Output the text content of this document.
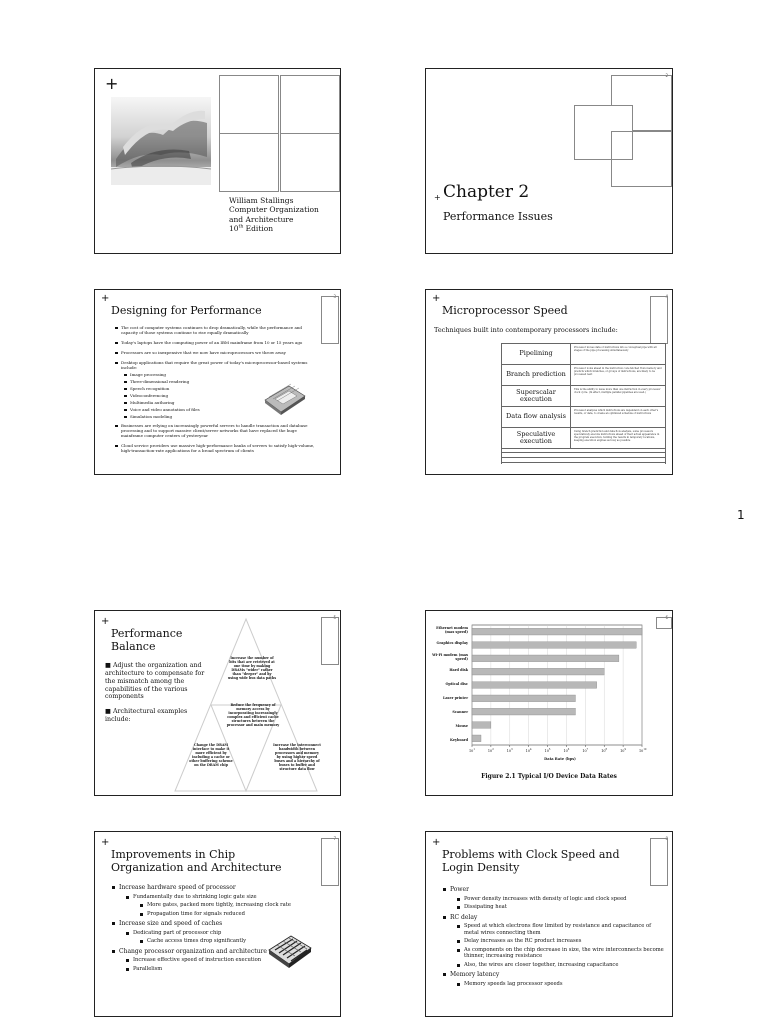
+
William Stallings
Computer Organization
and Architecture
10th Edition
2
+ Chapter 2
Performance Issues
3
+
Designing for Performance
The cost of computer systems continues to drop dramatically, while the performance and capacity of those systems continue to rise equally dramatically
Today's laptops have the computing power of an IBM mainframe from 10 or 15 years ago
Processors are so inexpensive that we now have microprocessors we throw away
Desktop applications that require the great power of today's microprocessor-based systems include:
Image processing
Three-dimensional rendering
Speech recognition
Videoconferencing
Multimedia authoring
Voice and video annotation of files
Simulation modeling
Businesses are relying on increasingly powerful servers to handle transaction and database processing and to support massive client/server networks that have replaced the huge mainframe computer centers of yesteryear
Cloud service providers use massive high-performance banks of servers to satisfy high-volume, high-transaction-rate applications for a broad spectrum of clients
4
+
Microprocessor Speed
Techniques built into contemporary processors include:
Pipelining
Processor moves data or instructions into a conceptual pipe with all stages of the pipe processing simultaneously
Branch prediction
Processor looks ahead in the instruction code fetched from memory and predicts which branches, or groups of instructions, are likely to be processed next
Superscalar execution
This is the ability to issue more than one instruction in every processor clock cycle. (In effect, multiple parallel pipelines are used.)
Data flow analysis
Processor analyzes which instructions are dependent on each other's results, or data, to create an optimized schedule of instructions
Speculative execution
Using branch prediction and data flow analysis, some processors speculatively execute instructions ahead of their actual appearance in the program execution, holding the results in temporary locations, keeping execution engines as busy as possible
1
5
+
Performance
Balance
■ Adjust the organization and architecture to compensate for the mismatch among the capabilities of the various components
■ Architectural examples include:
Increase the number of bits that are retrieved at one time by making DRAMs "wider" rather than "deeper" and by using wide bus data paths
Reduce the frequency of memory access by incorporating increasingly complex and efficient cache structures between the processor and main memory
Change the DRAM interface to make it more efficient by including a cache or other buffering scheme on the DRAM chip
Increase the interconnect bandwidth between processors and memory by using higher speed buses and a hierarchy of buses to buffer and structure data flow
6
Ethernet modem (max speed)
Graphics display
Wi-Fi modem (max speed)
Hard disk
Optical disc
Laser printer
Scanner
Mouse
Keyboard
$10^1$	$10^2$	$10^3$	$10^4$	$10^5$	$10^6$	$10^7$	$10^8$	$10^9$	$10^{10}$
Data Rate (bps)
Figure 2.1 Typical I/O Device Data Rates
7
+
Improvements in Chip
Organization and Architecture
Increase hardware speed of processor
Fundamentally due to shrinking logic gate size
More gates, packed more tightly, increasing clock rate
Propagation time for signals reduced
Increase size and speed of caches
Dedicating part of processor chip
Cache access times drop significantly
Change processor organization and architecture
Increase effective speed of instruction execution
Parallelism
8
+
Problems with Clock Speed and
Login Density
Power
Power density increases with density of logic and clock speed
Dissipating heat
RC delay
Speed at which electrons flow limited by resistance and capacitance of metal wires connecting them
Delay increases as the RC product increases
As components on the chip decrease in size, the wire interconnects become thinner, increasing resistance
Also, the wires are closer together, increasing capacitance
Memory latency
Memory speeds lag processor speeds
